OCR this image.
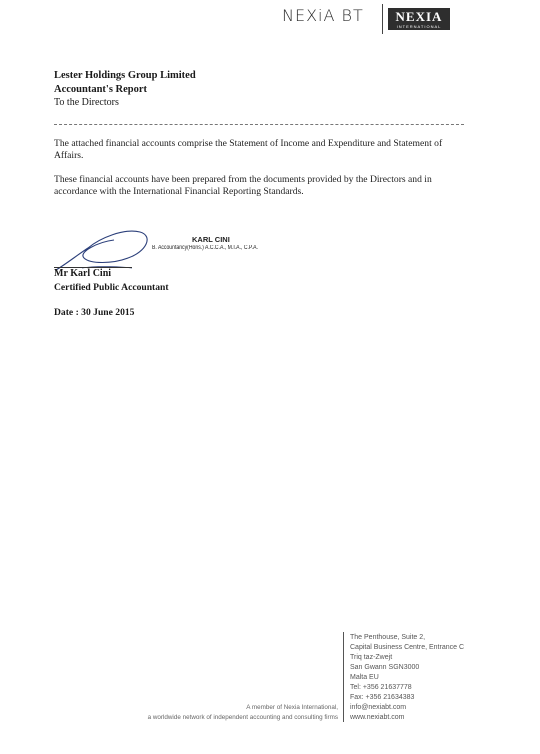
NEXiA BT	NEXIA
INTERNATIONAL
Lester Holdings Group Limited
Accountant's Report
To the Directors
The attached financial accounts comprise the Statement of Income and Expenditure and Statement of Affairs.
These financial accounts have been prepared from the documents provided by the Directors and in accordance with the International Financial Reporting Standards.
KARL CINI
B. Accountancy(Hons.) A.C.C.A., M.I.A., C.P.A.
Mr Karl Cini
Certified Public Accountant
Date : 30 June 2015
The Penthouse, Suite 2,
Capital Business Centre, Entrance C
Triq taz-Zwejt
San Gwann SGN3000
Malta EU
Tel: +356 21637778
Fax: +356 21634383
info@nexiabt.com
www.nexiabt.com
A member of Nexia International,
a worldwide network of independent accounting and consulting firms
